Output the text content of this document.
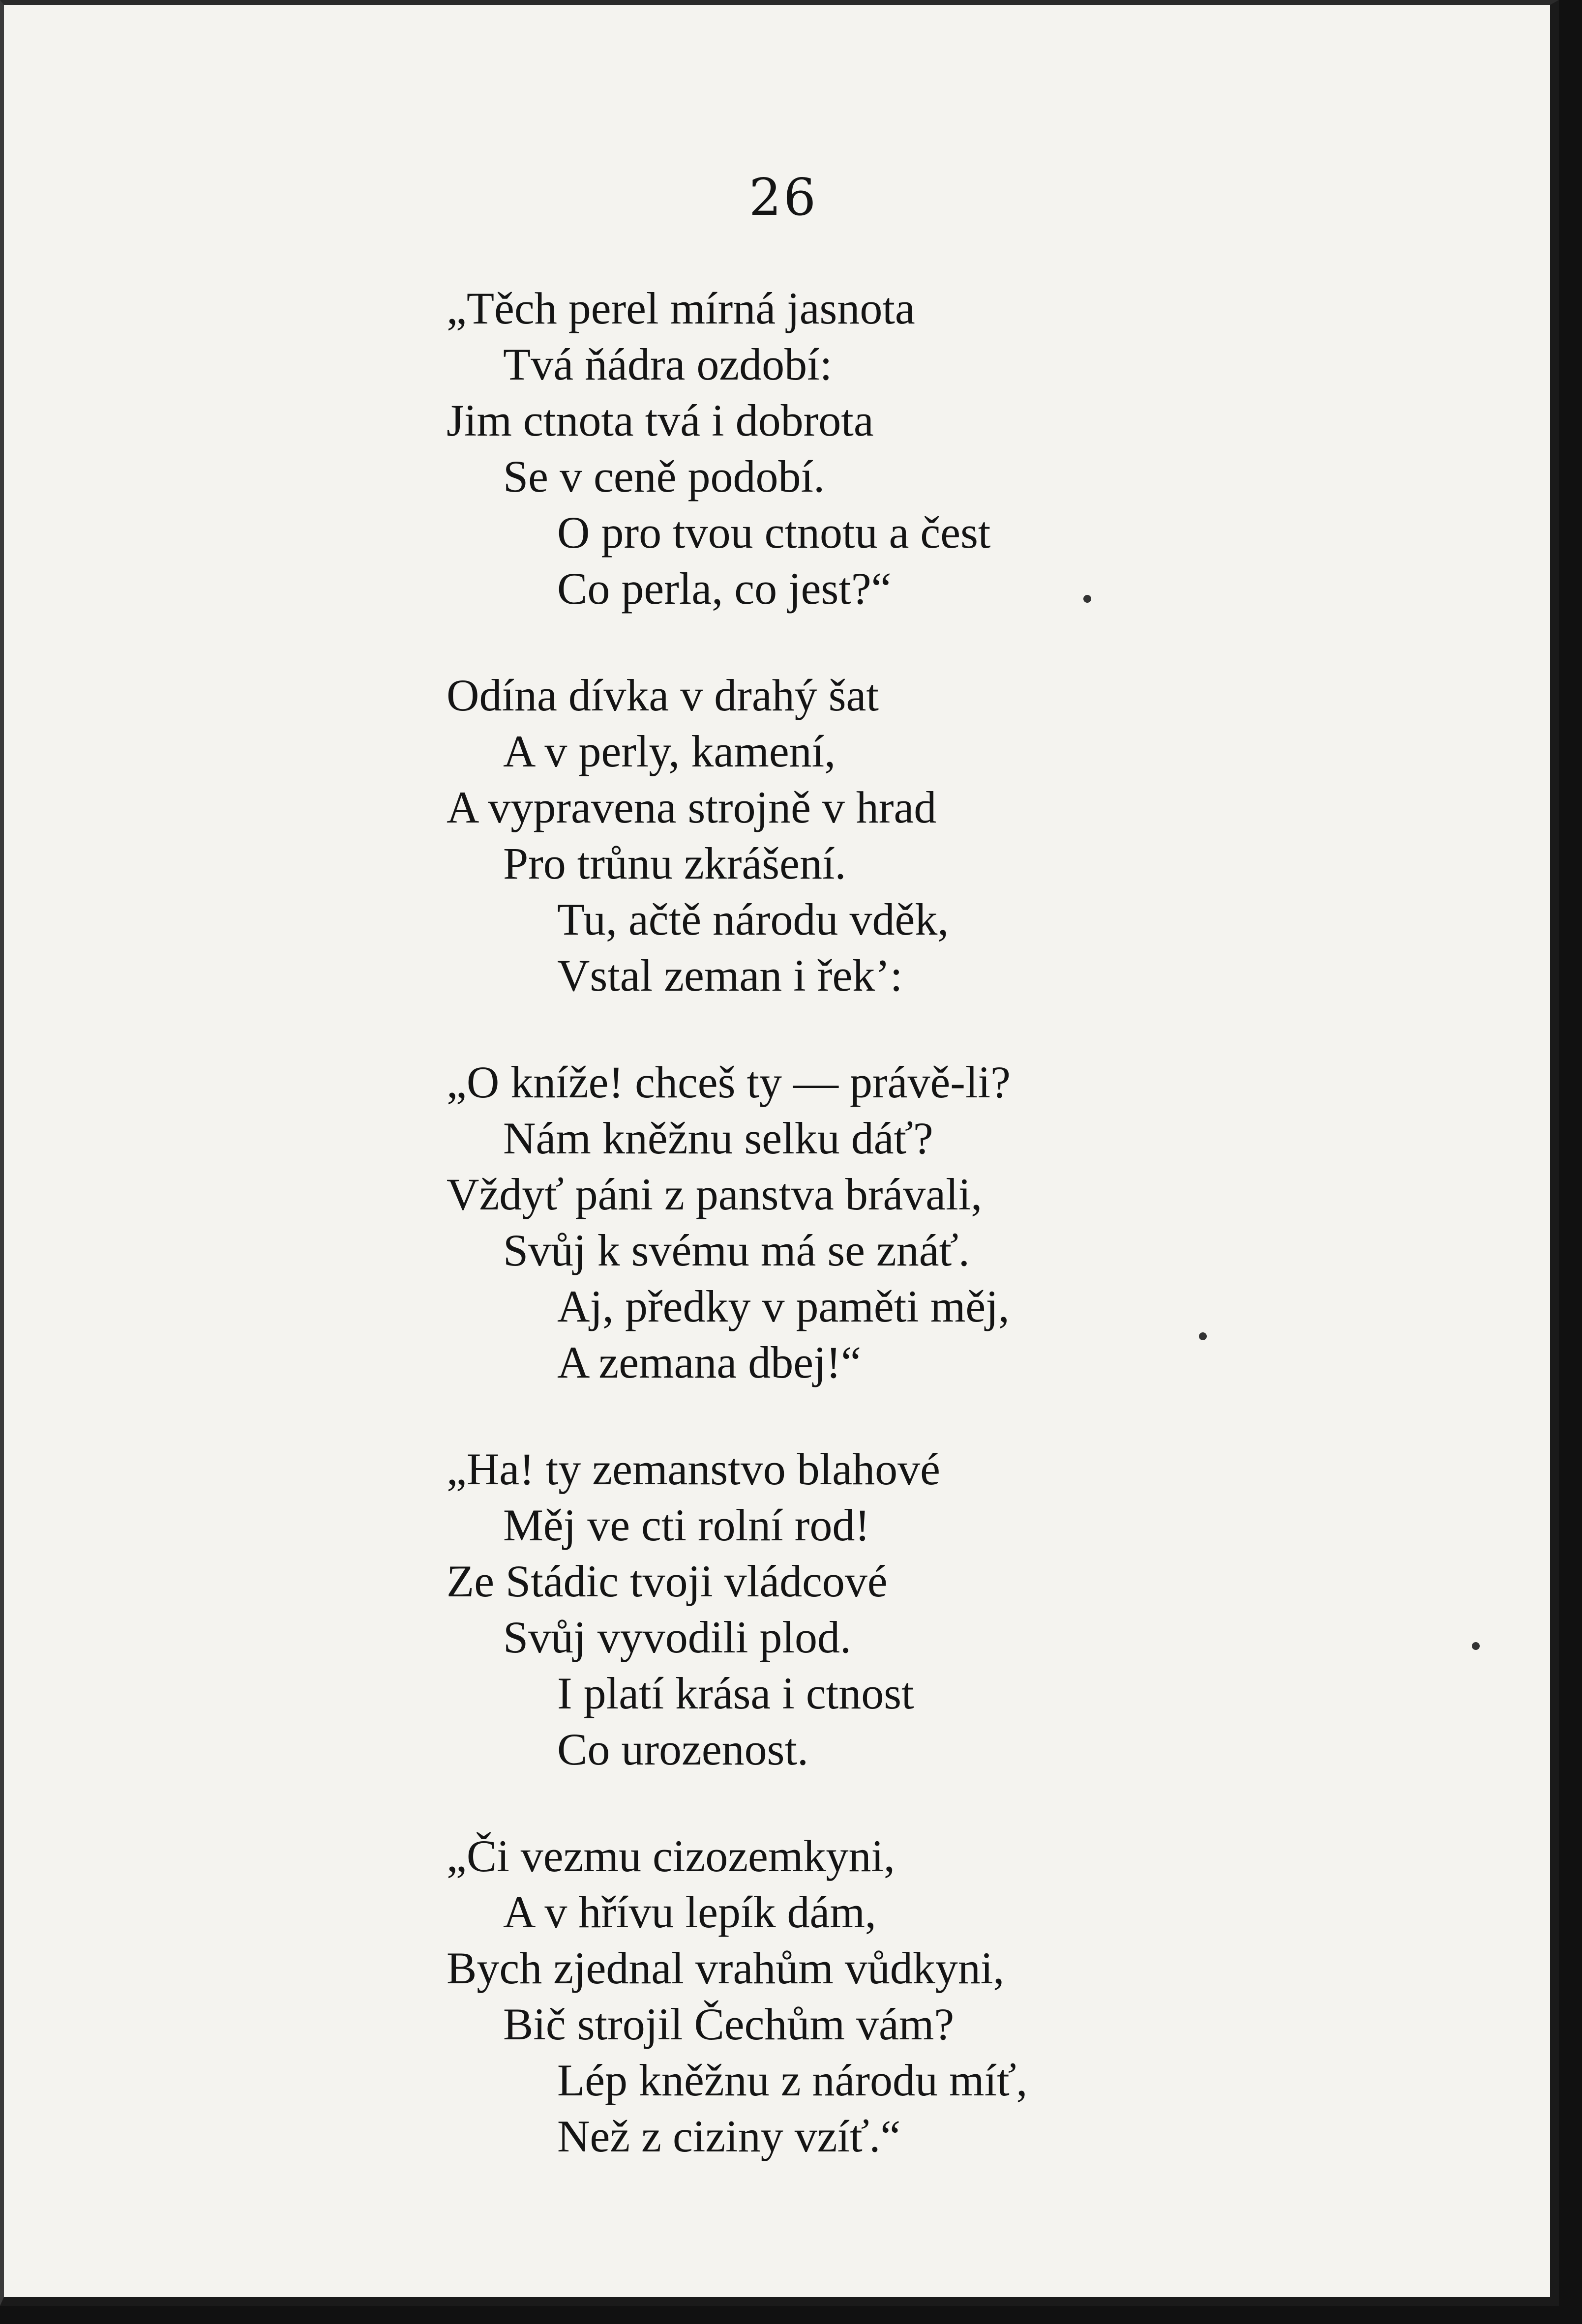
26
„Těch perel mírná jasnota
Tvá ňádra ozdobí:
Jim ctnota tvá i dobrota
Se v ceně podobí.
O pro tvou ctnotu a čest
Co perla, co jest?“
Odína dívka v drahý šat
A v perly, kamení,
A vypravena strojně v hrad
Pro trůnu zkrášení.
Tu, ačtě národu vděk,
Vstal zeman i řek’:
„O kníže! chceš ty — právě-li?
Nám kněžnu selku dáť?
Vždyť páni z panstva brávali,
Svůj k svému má se znáť.
Aj, předky v paměti měj,
A zemana dbej!“
„Ha! ty zemanstvo blahové
Měj ve cti rolní rod!
Ze Stádic tvoji vládcové
Svůj vyvodili plod.
I platí krása i ctnost
Co urozenost.
„Či vezmu cizozemkyni,
A v hřívu lepík dám,
Bych zjednal vrahům vůdkyni,
Bič strojil Čechům vám?
Lép kněžnu z národu míť,
Než z ciziny vzíť.“
